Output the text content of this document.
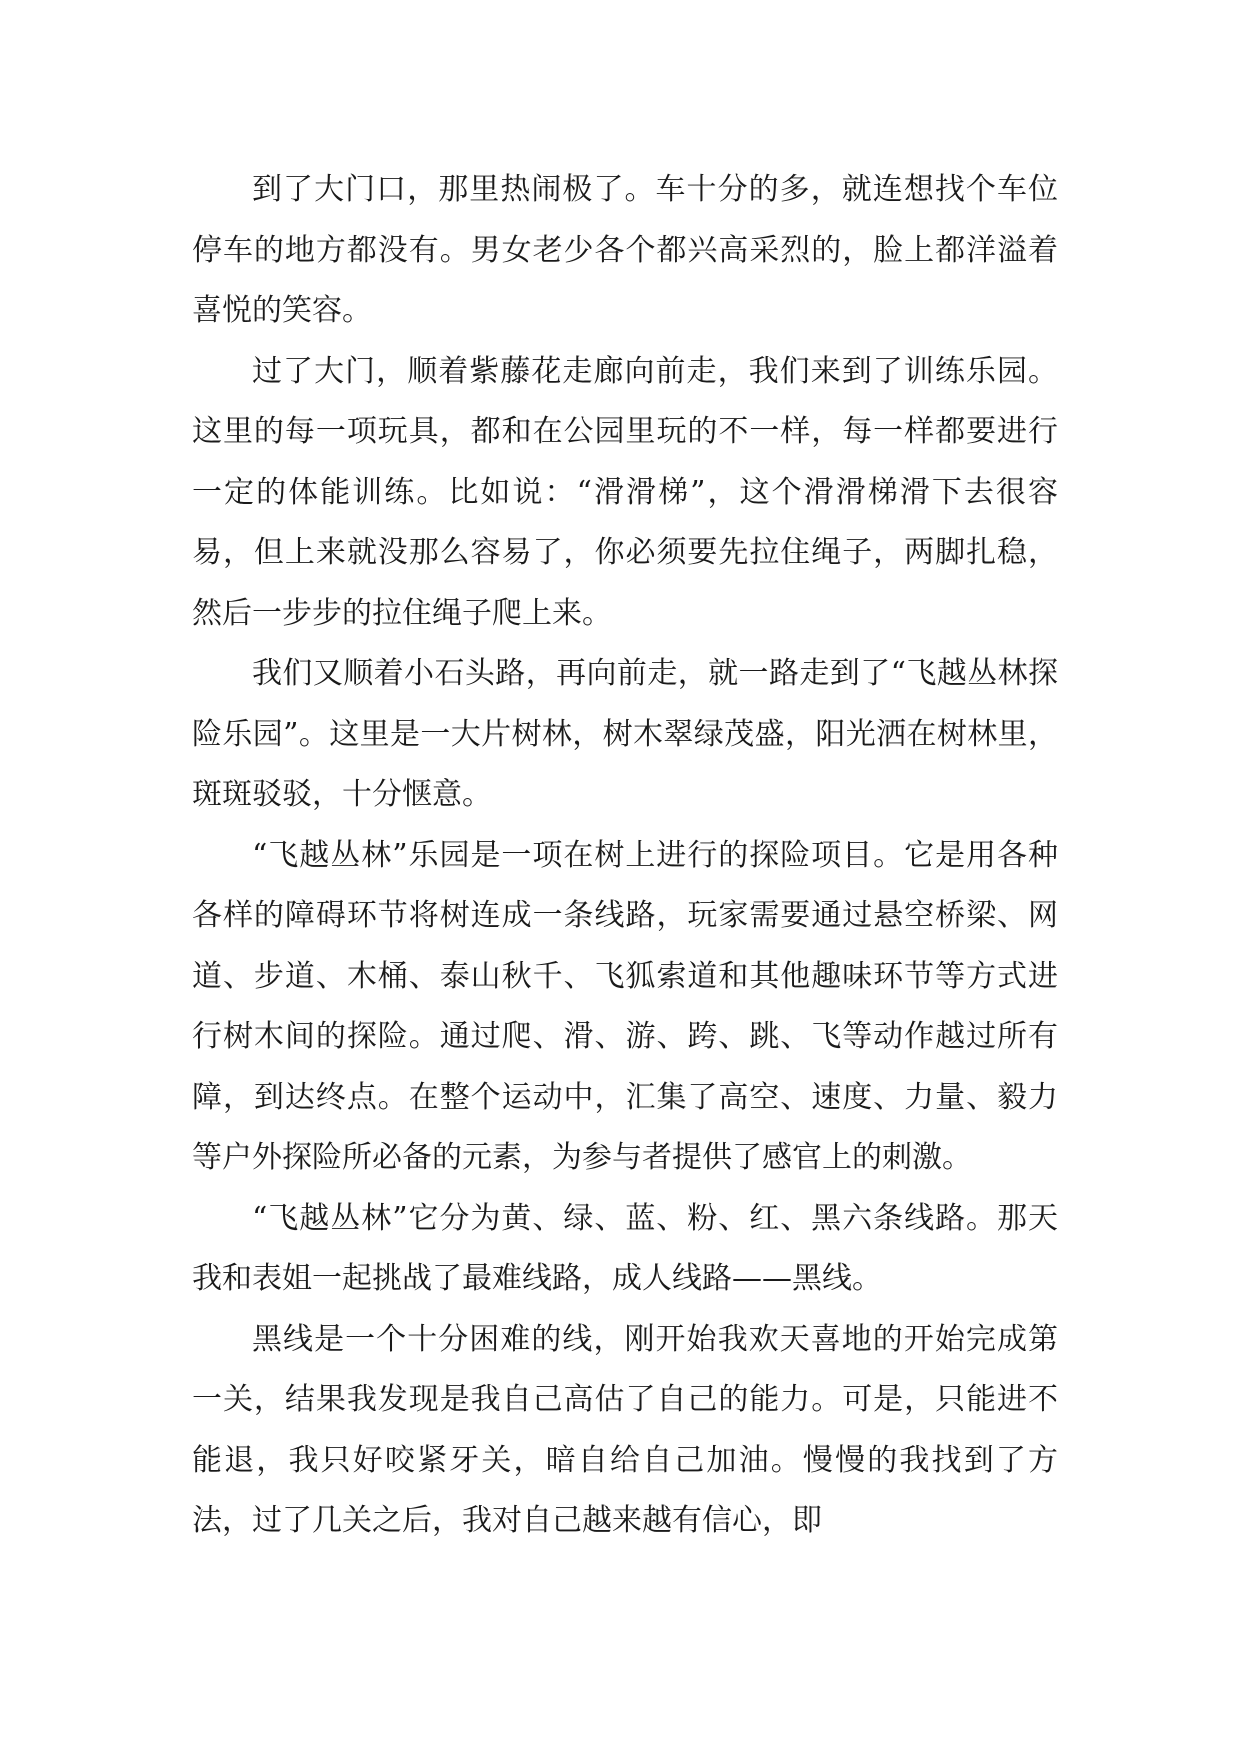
到了大门口，那里热闹极了。车十分的多，就连想找个车位停车的地方都没有。男女老少各个都兴高采烈的，脸上都洋溢着喜悦的笑容。

过了大门，顺着紫藤花走廊向前走，我们来到了训练乐园。这里的每一项玩具，都和在公园里玩的不一样，每一样都要进行一定的体能训练。比如说：“滑滑梯”，这个滑滑梯滑下去很容易，但上来就没那么容易了，你必须要先拉住绳子，两脚扎稳，然后一步步的拉住绳子爬上来。

我们又顺着小石头路，再向前走，就一路走到了“飞越丛林探险乐园”。这里是一大片树林，树木翠绿茂盛，阳光洒在树林里，斑斑驳驳，十分惬意。

“飞越丛林”乐园是一项在树上进行的探险项目。它是用各种各样的障碍环节将树连成一条线路，玩家需要通过悬空桥梁、网道、步道、木桶、泰山秋千、飞狐索道和其他趣味环节等方式进行树木间的探险。通过爬、滑、游、跨、跳、飞等动作越过所有障，到达终点。在整个运动中，汇集了高空、速度、力量、毅力等户外探险所必备的元素，为参与者提供了感官上的刺激。

“飞越丛林”它分为黄、绿、蓝、粉、红、黑六条线路。那天我和表姐一起挑战了最难线路，成人线路——黑线。

黑线是一个十分困难的线，刚开始我欢天喜地的开始完成第一关，结果我发现是我自己高估了自己的能力。可是，只能进不能退，我只好咬紧牙关，暗自给自己加油。慢慢的我找到了方法，过了几关之后，我对自己越来越有信心，即
